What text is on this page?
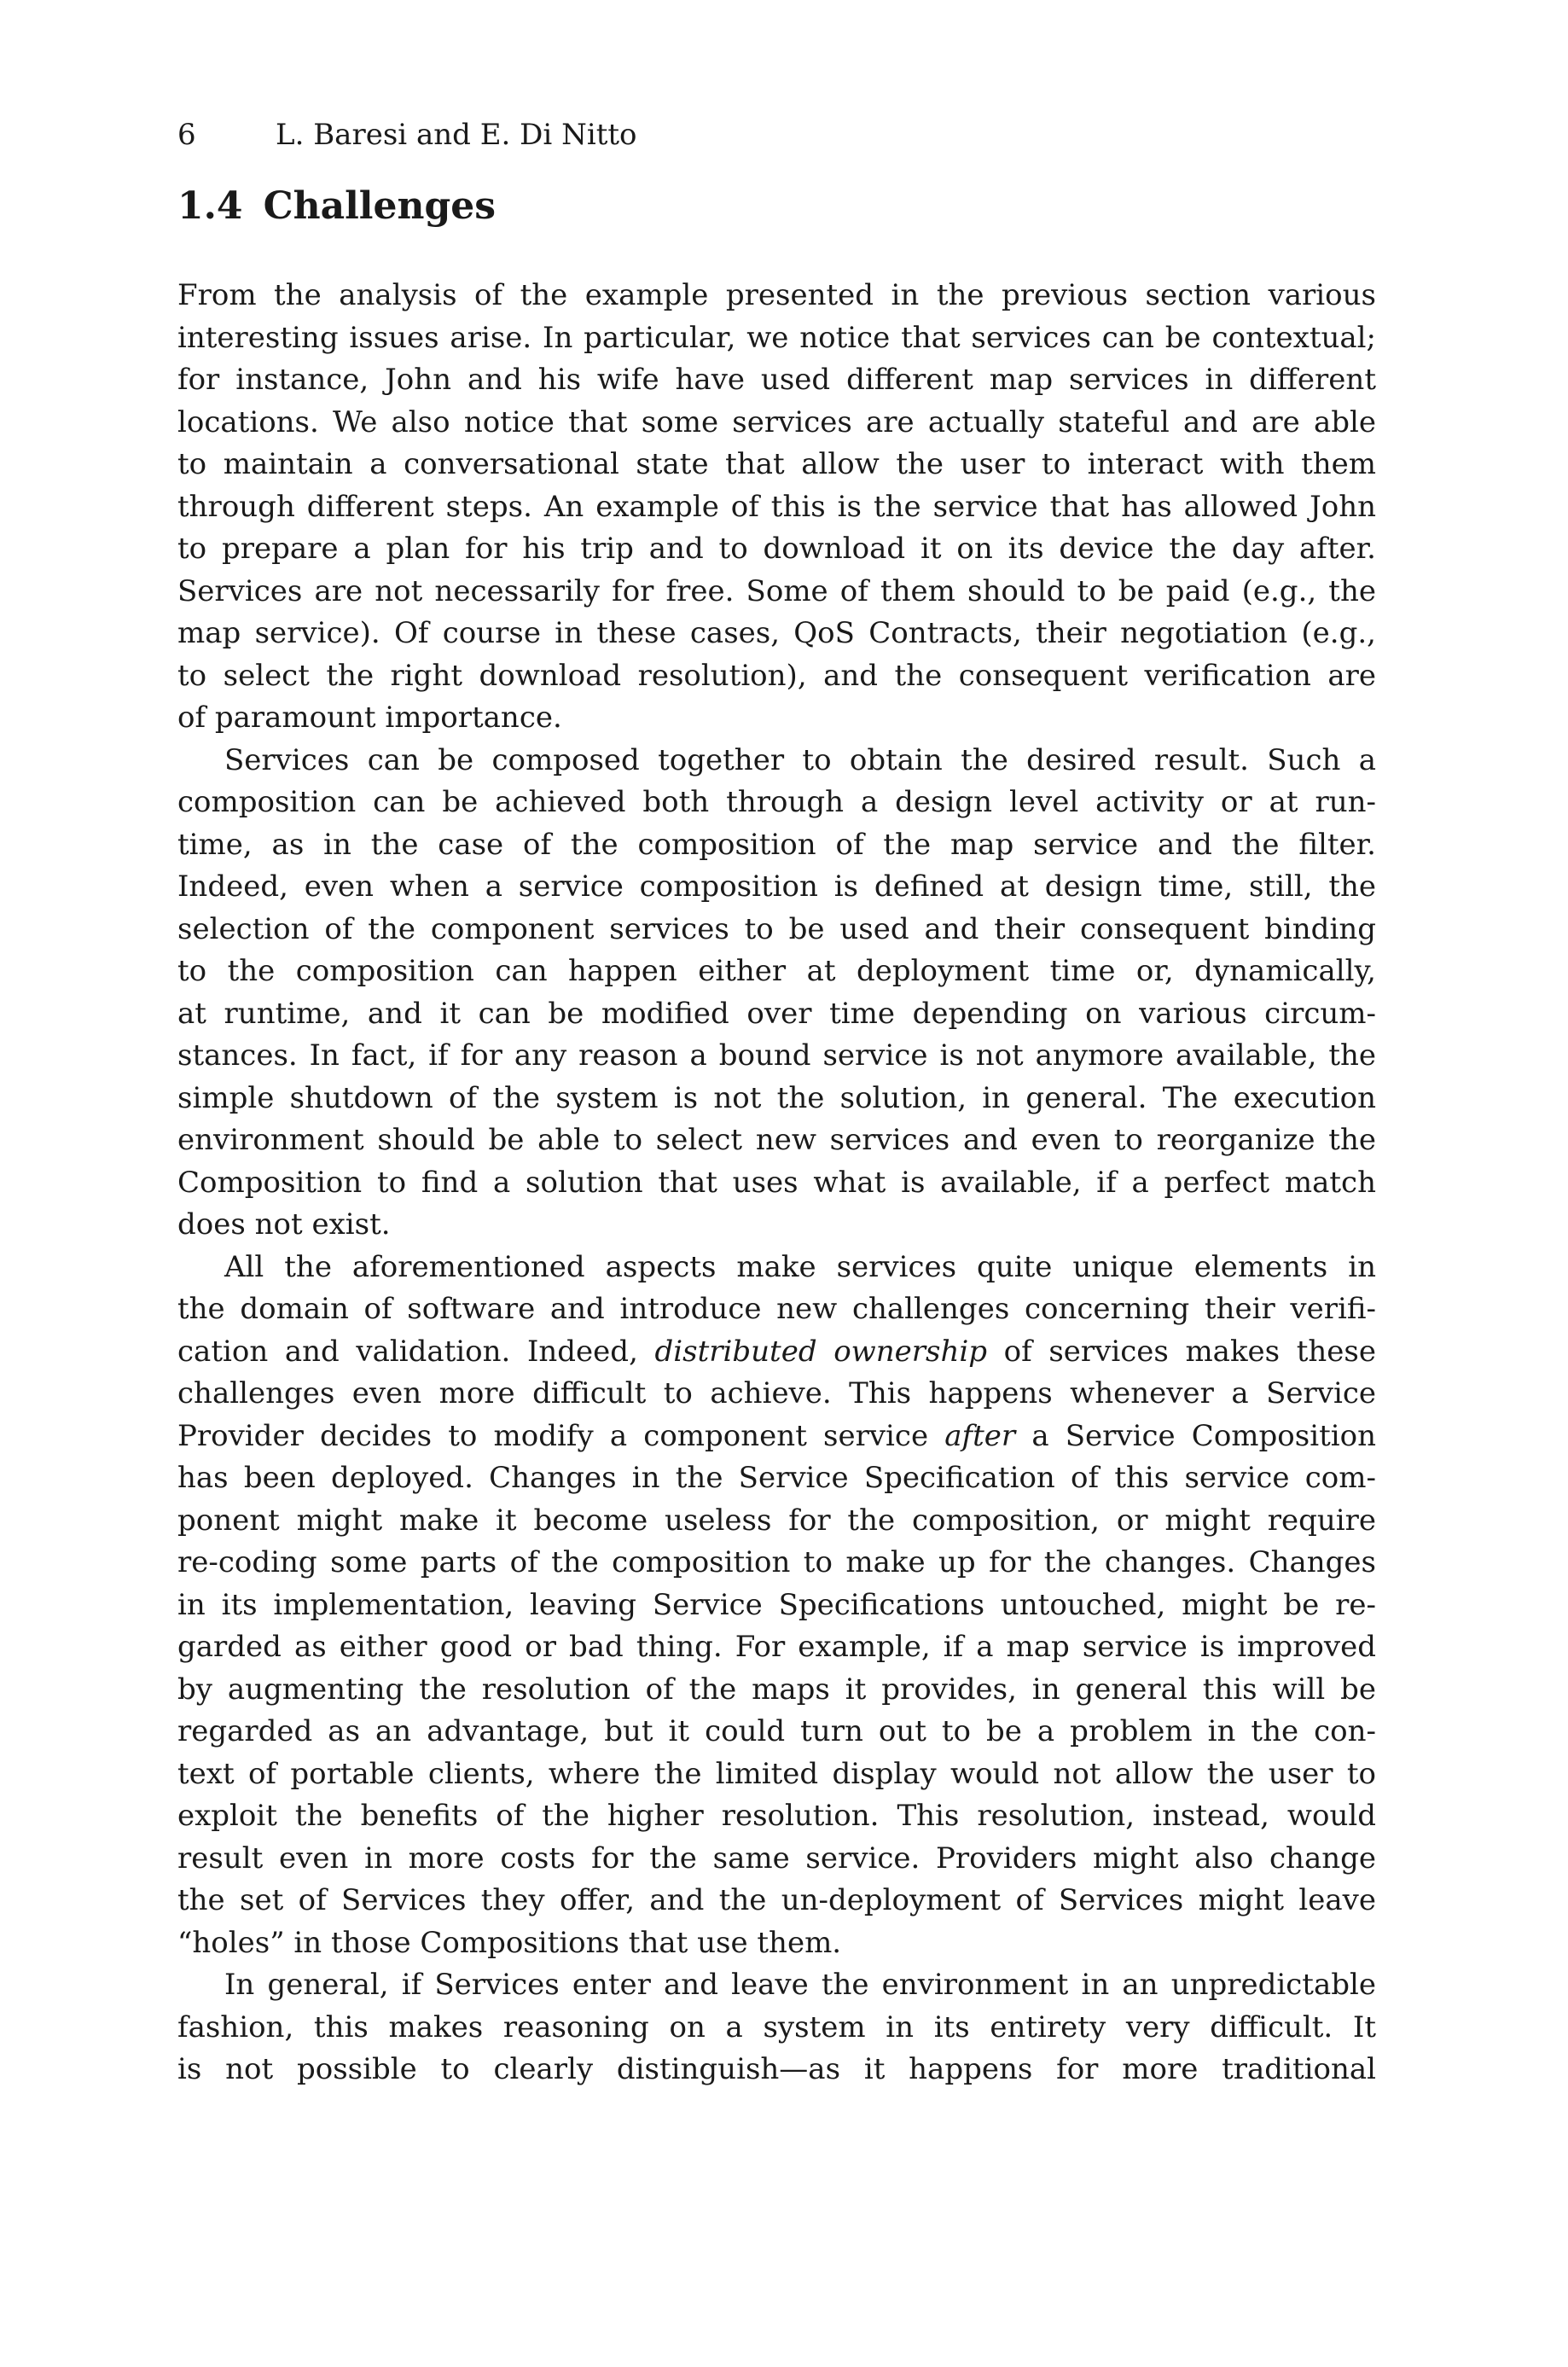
6	L. Baresi and E. Di Nitto
1.4 Challenges

From the analysis of the example presented in the previous section various
interesting issues arise. In particular, we notice that services can be contextual;
for instance, John and his wife have used different map services in different
locations. We also notice that some services are actually stateful and are able
to maintain a conversational state that allow the user to interact with them
through different steps. An example of this is the service that has allowed John
to prepare a plan for his trip and to download it on its device the day after.
Services are not necessarily for free. Some of them should to be paid (e.g., the
map service). Of course in these cases, QoS Contracts, their negotiation (e.g.,
to select the right download resolution), and the consequent verification are
of paramount importance.

Services can be composed together to obtain the desired result. Such a
composition can be achieved both through a design level activity or at run-
time, as in the case of the composition of the map service and the filter.
Indeed, even when a service composition is defined at design time, still, the
selection of the component services to be used and their consequent binding
to the composition can happen either at deployment time or, dynamically,
at runtime, and it can be modified over time depending on various circum-
stances. In fact, if for any reason a bound service is not anymore available, the
simple shutdown of the system is not the solution, in general. The execution
environment should be able to select new services and even to reorganize the
Composition to find a solution that uses what is available, if a perfect match
does not exist.

All the aforementioned aspects make services quite unique elements in
the domain of software and introduce new challenges concerning their verifi-
cation and validation. Indeed, distributed ownership of services makes these
challenges even more difficult to achieve. This happens whenever a Service
Provider decides to modify a component service after a Service Composition
has been deployed. Changes in the Service Specification of this service com-
ponent might make it become useless for the composition, or might require
re-coding some parts of the composition to make up for the changes. Changes
in its implementation, leaving Service Specifications untouched, might be re-
garded as either good or bad thing. For example, if a map service is improved
by augmenting the resolution of the maps it provides, in general this will be
regarded as an advantage, but it could turn out to be a problem in the con-
text of portable clients, where the limited display would not allow the user to
exploit the benefits of the higher resolution. This resolution, instead, would
result even in more costs for the same service. Providers might also change
the set of Services they offer, and the un-deployment of Services might leave
“holes” in those Compositions that use them.

In general, if Services enter and leave the environment in an unpredictable
fashion, this makes reasoning on a system in its entirety very difficult. It
is not possible to clearly distinguish—as it happens for more traditional
